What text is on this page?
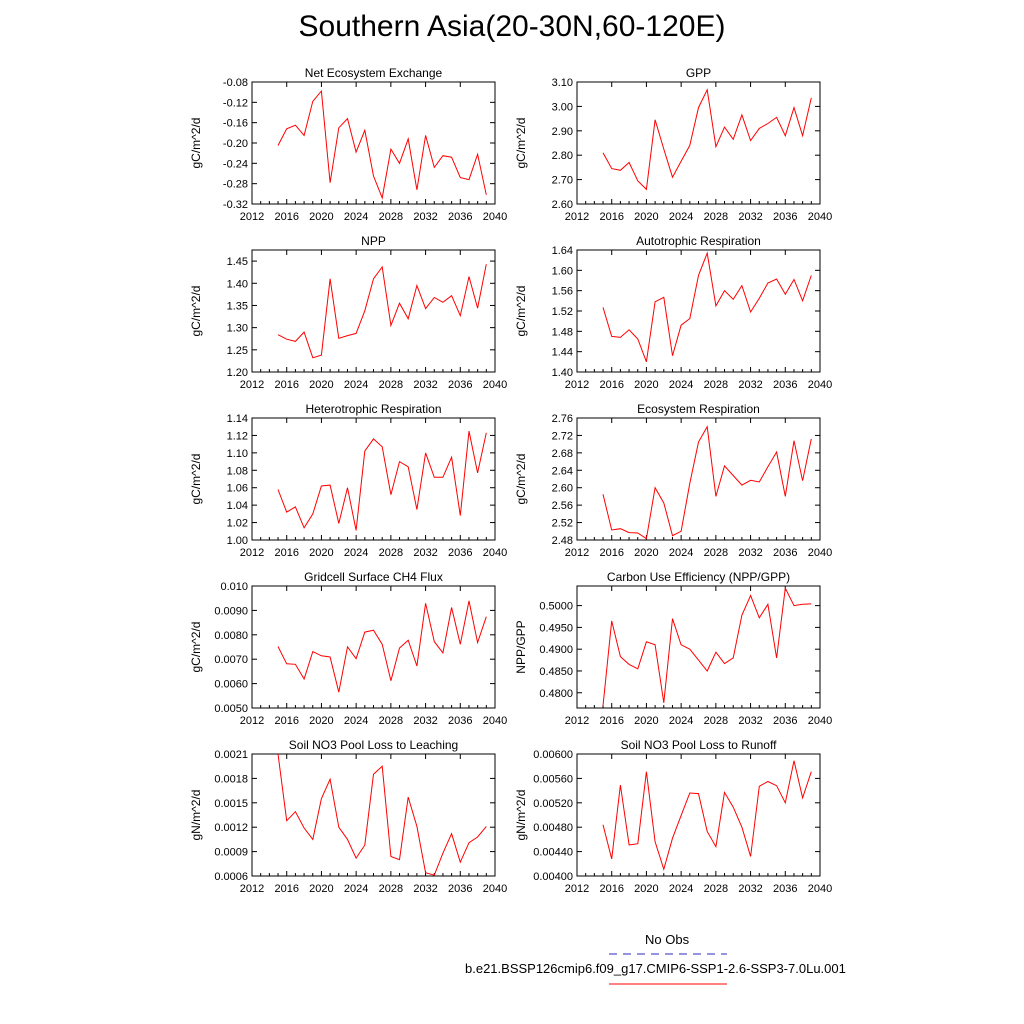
Southern Asia(20-30N,60-120E)
Net Ecosystem Exchange
gC/m^2/d
2012 2016 2020 2024 2028 2032 2036 2040
-0.08
-0.12
-0.16
-0.20
-0.24
-0.28
-0.32
GPP
gC/m^2/d
2012 2016 2020 2024 2028 2032 2036 2040
3.10
3.00
2.90
2.80
2.70
2.60
NPP
gC/m^2/d
2012 2016 2020 2024 2028 2032 2036 2040
1.45
1.40
1.35
1.30
1.25
1.20
Autotrophic Respiration
gC/m^2/d
2012 2016 2020 2024 2028 2032 2036 2040
1.64
1.60
1.56
1.52
1.48
1.44
1.40
Heterotrophic Respiration
gC/m^2/d
2012 2016 2020 2024 2028 2032 2036 2040
1.14
1.12
1.10
1.08
1.06
1.04
1.02
1.00
Ecosystem Respiration
gC/m^2/d
2012 2016 2020 2024 2028 2032 2036 2040
2.76
2.72
2.68
2.64
2.60
2.56
2.52
2.48
Gridcell Surface CH4 Flux
gC/m^2/d
2012 2016 2020 2024 2028 2032 2036 2040
0.010
0.0090
0.0080
0.0070
0.0060
0.0050
Carbon Use Efficiency (NPP/GPP)
NPP/GPP
2012 2016 2020 2024 2028 2032 2036 2040
0.5000
0.4950
0.4900
0.4850
0.4800
Soil NO3 Pool Loss to Leaching
gN/m^2/d
2012 2016 2020 2024 2028 2032 2036 2040
0.0021
0.0018
0.0015
0.0012
0.0009
0.0006
Soil NO3 Pool Loss to Runoff
gN/m^2/d
2012 2016 2020 2024 2028 2032 2036 2040
0.00600
0.00560
0.00520
0.00480
0.00440
0.00400
No Obs
b.e21.BSSP126cmip6.f09_g17.CMIP6-SSP1-2.6-SSP3-7.0Lu.001
